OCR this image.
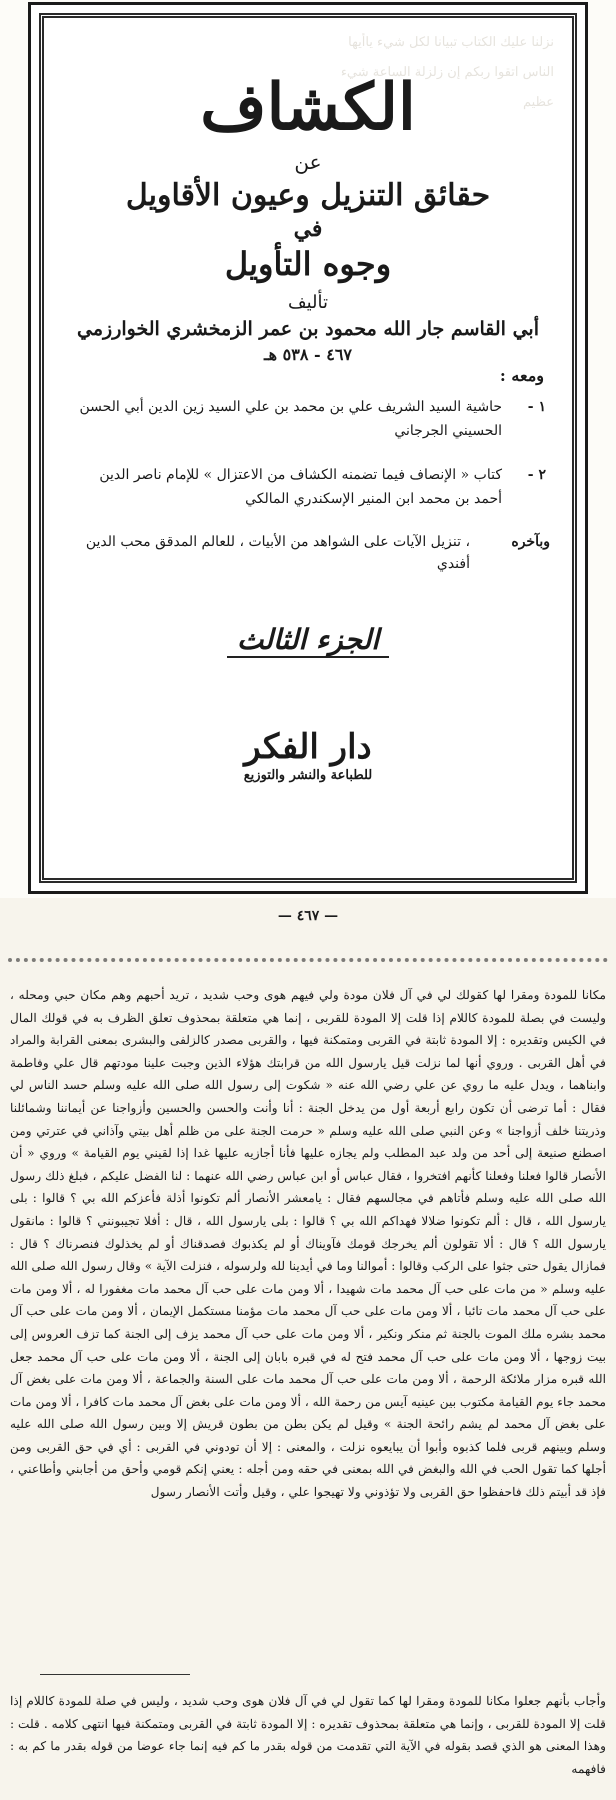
نزلنا عليك الكتاب تبيانا لكل شيء ياأيها الناس اتقوا ربكم إن زلزلة الساعة شيء عظيم
الكشاف
عن
حقائق التنزيل وعيون الأقاويل
في
وجوه التأويل
تأليف
أبي القاسم جار الله محمود بن عمر الزمخشري الخوارزمي
٤٦٧ - ٥٣٨ هـ
ومعه :
١ -
حاشية السيد الشريف علي بن محمد بن علي السيد زين الدين أبي الحسن الحسيني الجرجاني
٢ -
كتاب « الإنصاف فيما تضمنه الكشاف من الاعتزال » للإمام ناصر الدين أحمد بن محمد ابن المنير الإسكندري المالكي
وبآخره
، تنزيل الآيات على الشواهد من الأبيات ، للعالم المدقق محب الدين أفندي
الجزء الثالث
دار الفكر
للطباعة والنشر والتوزيع
— ٤٦٧ —

مكانا للمودة ومقرا لها كقولك لي في آل فلان مودة ولي فيهم هوى وحب شديد ، تريد أحبهم وهم مكان حبي ومحله ، وليست في بصلة للمودة كاللام إذا قلت إلا المودة للقربى ، إنما هي متعلقة بمحذوف تعلق الظرف به في قولك المال في الكيس وتقديره : إلا المودة ثابتة في القربى ومتمكنة فيها ، والقربى مصدر كالزلفى والبشرى بمعنى القرابة والمراد في أهل القربى . وروي أنها لما نزلت قيل يارسول الله من قرابتك هؤلاء الذين وجبت علينا مودتهم قال علي وفاطمة وابناهما ، ويدل عليه ما روي عن علي رضي الله عنه « شكوت إلى رسول الله صلى الله عليه وسلم حسد الناس لي فقال : أما ترضى أن تكون رابع أربعة أول من يدخل الجنة : أنا وأنت والحسن والحسين وأزواجنا عن أيماننا وشمائلنا وذريتنا خلف أزواجنا » وعن النبي صلى الله عليه وسلم « حرمت الجنة على من ظلم أهل بيتي وآذاني في عترتي ومن اصطنع صنيعة إلى أحد من ولد عبد المطلب ولم يجازه عليها فأنا أجازيه عليها غدا إذا لقيني يوم القيامة » وروي « أن الأنصار قالوا فعلنا وفعلنا كأنهم افتخروا ، فقال عباس أو ابن عباس رضي الله عنهما : لنا الفضل عليكم ، فبلغ ذلك رسول الله صلى الله عليه وسلم فأتاهم في مجالسهم فقال : يامعشر الأنصار ألم تكونوا أذلة فأعزكم الله بي ؟ قالوا : بلى يارسول الله ، قال : ألم تكونوا ضلالا فهداكم الله بي ؟ قالوا : بلى يارسول الله ، قال : أفلا تجيبونني ؟ قالوا : مانقول يارسول الله ؟ قال : ألا تقولون ألم يخرجك قومك فآويناك أو لم يكذبوك فصدقناك أو لم يخذلوك فنصرناك ؟ قال : فمازال يقول حتى جثوا على الركب وقالوا : أموالنا وما في أيدينا لله ولرسوله ، فنزلت الآية » وقال رسول الله صلى الله عليه وسلم « من مات على حب آل محمد مات شهيدا ، ألا ومن مات على حب آل محمد مات مغفورا له ، ألا ومن مات على حب آل محمد مات تائبا ، ألا ومن مات على حب آل محمد مات مؤمنا مستكمل الإيمان ، ألا ومن مات على حب آل محمد بشره ملك الموت بالجنة ثم منكر ونكير ، ألا ومن مات على حب آل محمد يزف إلى الجنة كما تزف العروس إلى بيت زوجها ، ألا ومن مات على حب آل محمد فتح له في قبره بابان إلى الجنة ، ألا ومن مات على حب آل محمد جعل الله قبره مزار ملائكة الرحمة ، ألا ومن مات على حب آل محمد مات على السنة والجماعة ، ألا ومن مات على بغض آل محمد جاء يوم القيامة مكتوب بين عينيه آيس من رحمة الله ، ألا ومن مات على بغض آل محمد مات كافرا ، ألا ومن مات على بغض آل محمد لم يشم رائحة الجنة » وقيل لم يكن بطن من بطون قريش إلا وبين رسول الله صلى الله عليه وسلم وبينهم قربى فلما كذبوه وأبوا أن يبايعوه نزلت ، والمعنى : إلا أن تودوني في القربى : أي في حق القربى ومن أجلها كما تقول الحب في الله والبغض في الله بمعنى في حقه ومن أجله : يعني إنكم قومي وأحق من أجابني وأطاعني ، فإذ قد أبيتم ذلك فاحفظوا حق القربى ولا تؤذوني ولا تهيجوا علي ، وقيل وأتت الأنصار رسول

وأجاب بأنهم جعلوا مكانا للمودة ومقرا لها كما تقول لي في آل فلان هوى وحب شديد ، وليس في صلة للمودة كاللام إذا قلت إلا المودة للقربى ، وإنما هي متعلقة بمحذوف تقديره : إلا المودة ثابتة في القربى ومتمكنة فيها انتهى كلامه . قلت : وهذا المعنى هو الذي قصد بقوله في الآية التي تقدمت من قوله بقدر ما كم فيه إنما جاء عوضا من قوله بقدر ما كم به : فافهمه
